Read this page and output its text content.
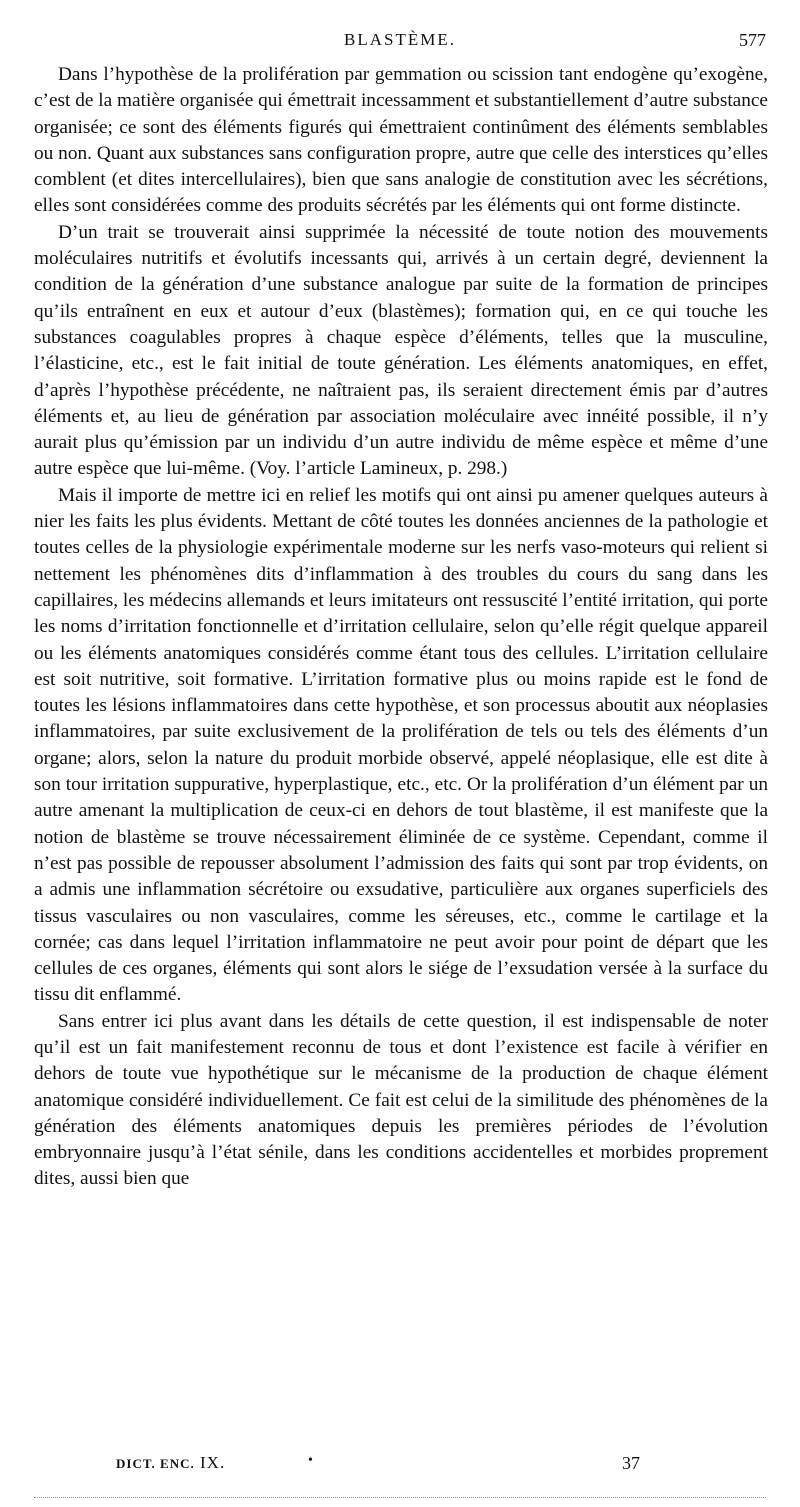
BLASTÈME.	577

Dans l’hypothèse de la prolifération par gemmation ou scission tant endogène qu’exogène, c’est de la matière organisée qui émettrait incessamment et substantiellement d’autre substance organisée; ce sont des éléments figurés qui émettraient continûment des éléments semblables ou non. Quant aux substances sans configuration propre, autre que celle des interstices qu’elles comblent (et dites intercellulaires), bien que sans analogie de constitution avec les sécrétions, elles sont considérées comme des produits sécrétés par les éléments qui ont forme distincte.

D’un trait se trouverait ainsi supprimée la nécessité de toute notion des mouvements moléculaires nutritifs et évolutifs incessants qui, arrivés à un certain degré, deviennent la condition de la génération d’une substance analogue par suite de la formation de principes qu’ils entraînent en eux et autour d’eux (blastèmes); formation qui, en ce qui touche les substances coagulables propres à chaque espèce d’éléments, telles que la musculine, l’élasticine, etc., est le fait initial de toute génération. Les éléments anatomiques, en effet, d’après l’hypothèse précédente, ne naîtraient pas, ils seraient directement émis par d’autres éléments et, au lieu de génération par association moléculaire avec innéité possible, il n’y aurait plus qu’émission par un individu d’un autre individu de même espèce et même d’une autre espèce que lui-même. (Voy. l’article Lamineux, p. 298.)

Mais il importe de mettre ici en relief les motifs qui ont ainsi pu amener quelques auteurs à nier les faits les plus évidents. Mettant de côté toutes les données anciennes de la pathologie et toutes celles de la physiologie expérimentale moderne sur les nerfs vaso-moteurs qui relient si nettement les phénomènes dits d’inflammation à des troubles du cours du sang dans les capillaires, les médecins allemands et leurs imitateurs ont ressuscité l’entité irritation, qui porte les noms d’irritation fonctionnelle et d’irritation cellulaire, selon qu’elle régit quelque appareil ou les éléments anatomiques considérés comme étant tous des cellules. L’irritation cellulaire est soit nutritive, soit formative. L’irritation formative plus ou moins rapide est le fond de toutes les lésions inflammatoires dans cette hypothèse, et son processus aboutit aux néoplasies inflammatoires, par suite exclusivement de la prolifération de tels ou tels des éléments d’un organe; alors, selon la nature du produit morbide observé, appelé néoplasique, elle est dite à son tour irritation suppurative, hyperplastique, etc., etc. Or la prolifération d’un élément par un autre amenant la multiplication de ceux-ci en dehors de tout blastème, il est manifeste que la notion de blastème se trouve nécessairement éliminée de ce système. Cependant, comme il n’est pas possible de repousser absolument l’admission des faits qui sont par trop évidents, on a admis une inflammation sécrétoire ou exsudative, particulière aux organes superficiels des tissus vasculaires ou non vasculaires, comme les séreuses, etc., comme le cartilage et la cornée; cas dans lequel l’irritation inflammatoire ne peut avoir pour point de départ que les cellules de ces organes, éléments qui sont alors le siége de l’exsudation versée à la surface du tissu dit enflammé.

Sans entrer ici plus avant dans les détails de cette question, il est indispensable de noter qu’il est un fait manifestement reconnu de tous et dont l’existence est facile à vérifier en dehors de toute vue hypothétique sur le mécanisme de la production de chaque élément anatomique considéré individuellement. Ce fait est celui de la similitude des phénomènes de la génération des éléments anatomiques depuis les premières périodes de l’évolution embryonnaire jusqu’à l’état sénile, dans les conditions accidentelles et morbides proprement dites, aussi bien que

DICT. ENC. IX.	•	37
